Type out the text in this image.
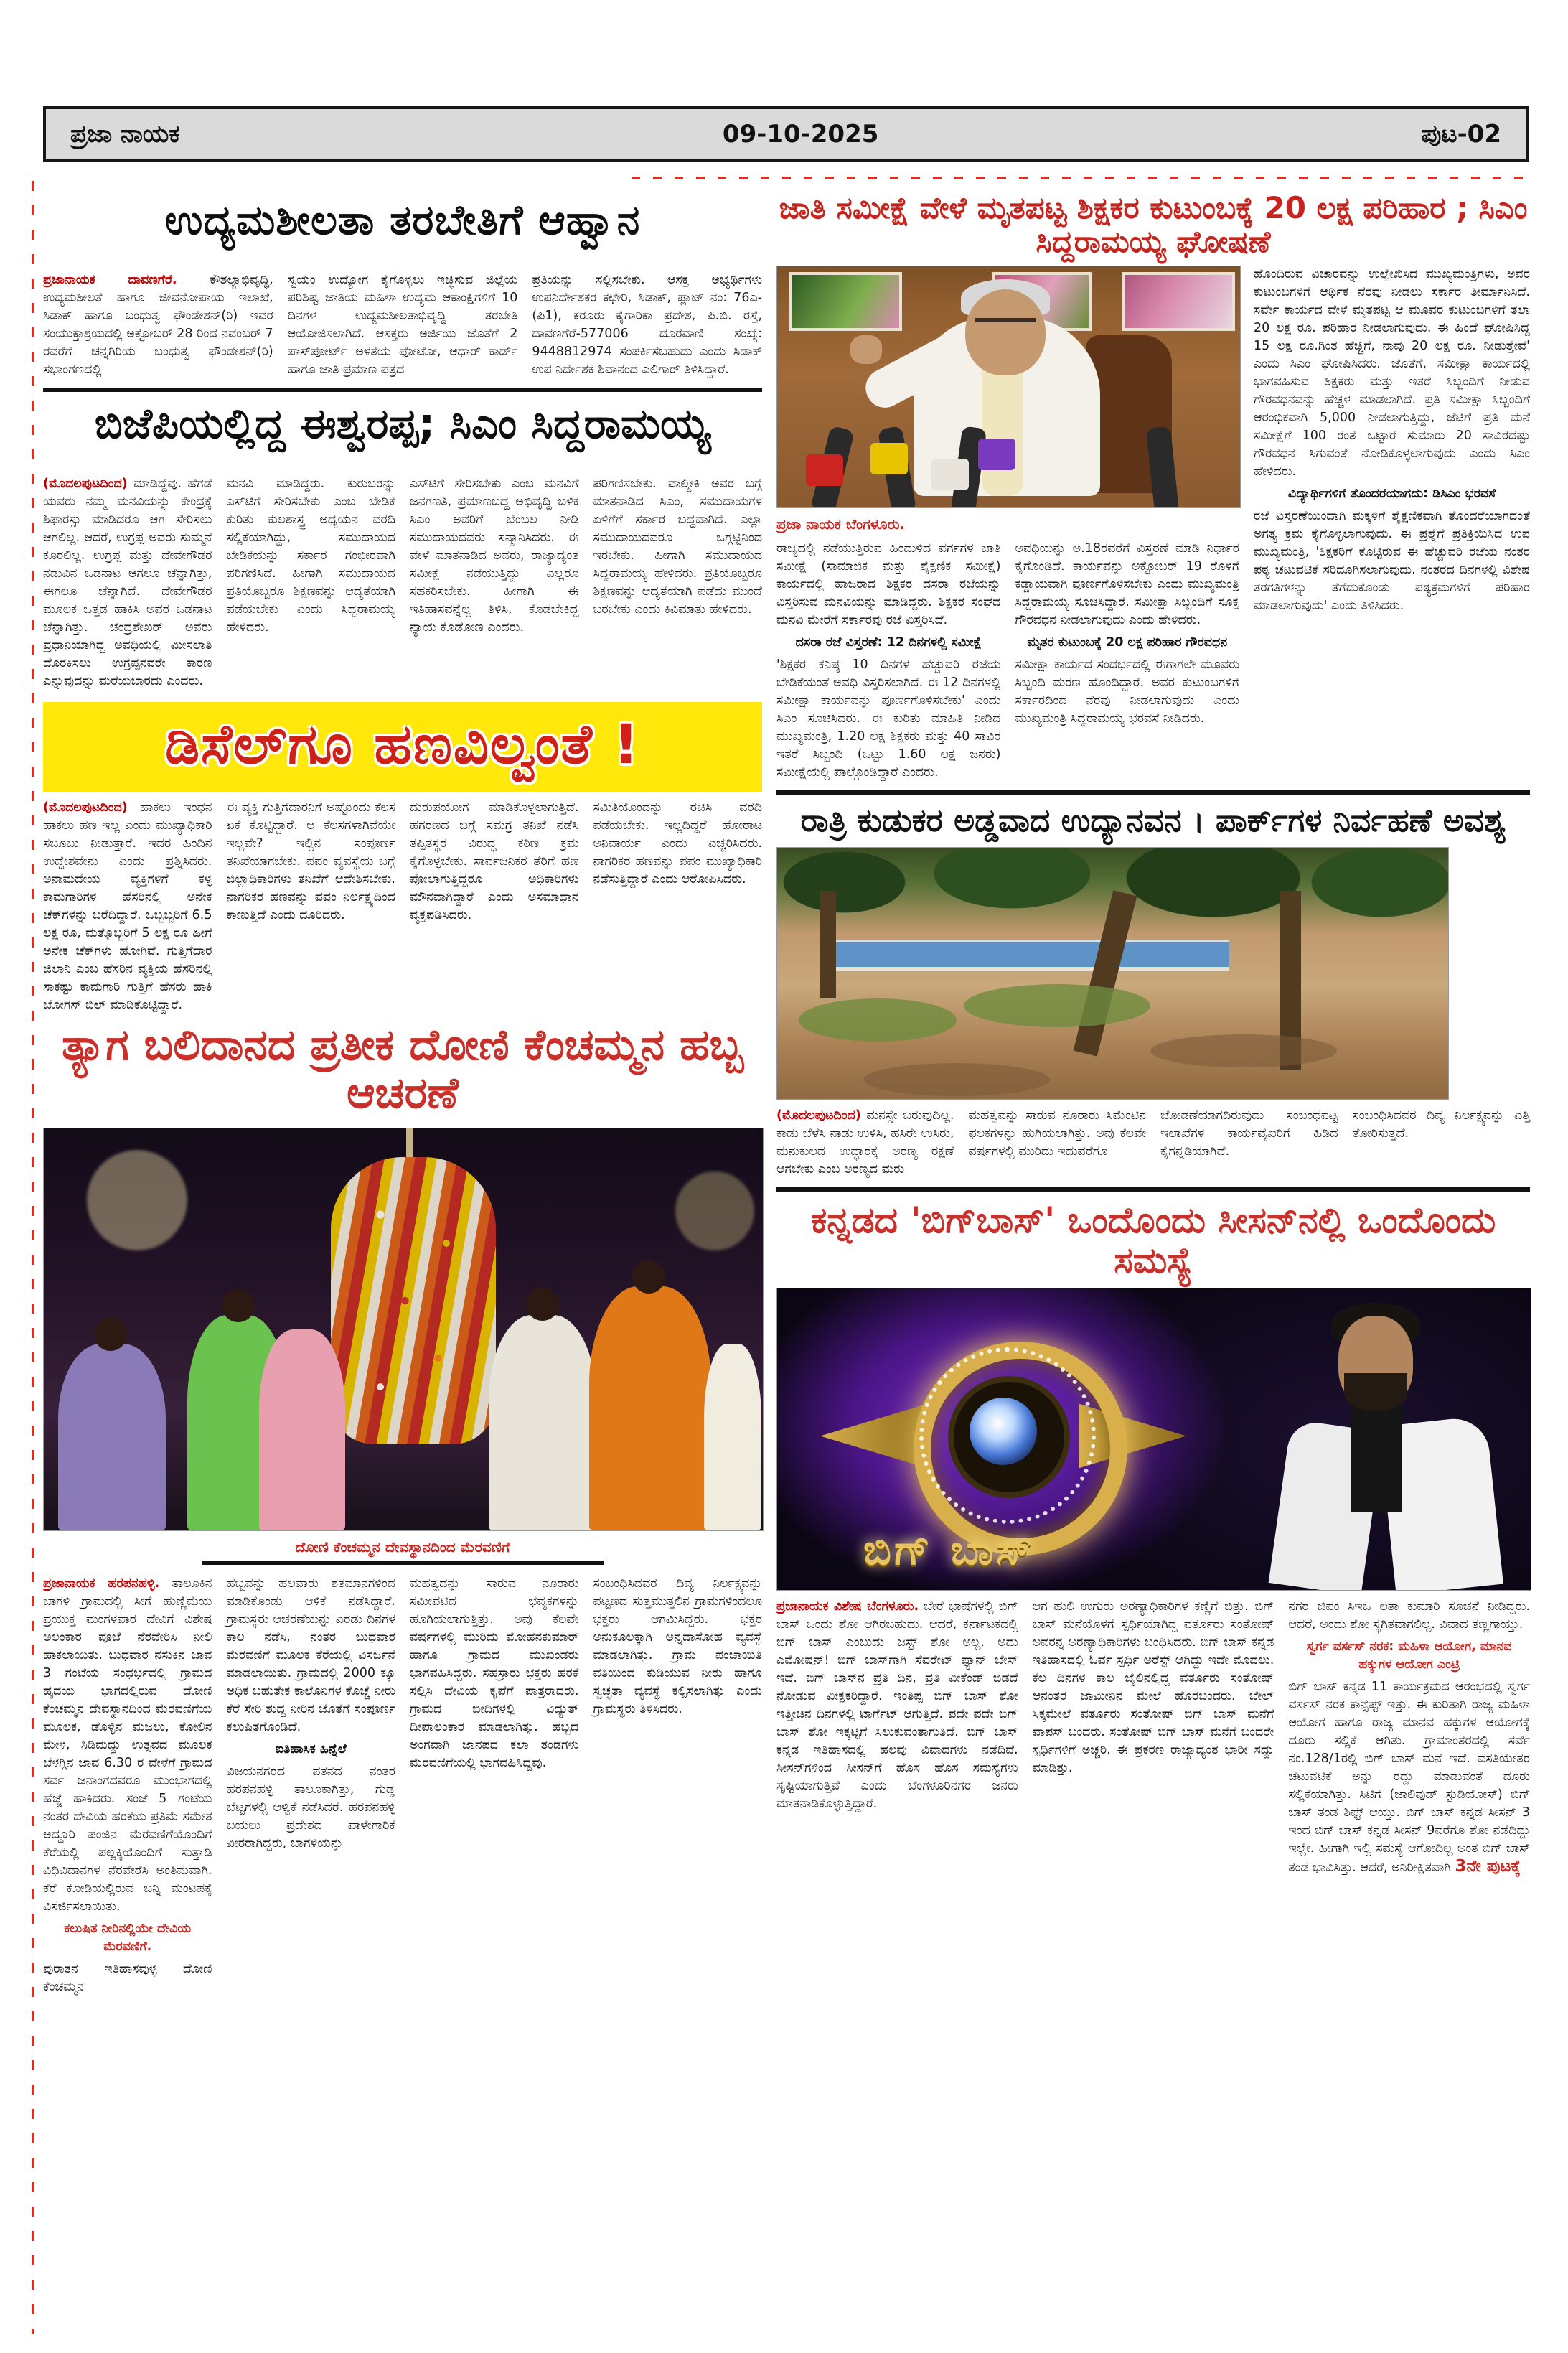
ಪ್ರಜಾ ನಾಯಕ	09-10-2025	ಪುಟ-02
ಉದ್ಯಮಶೀಲತಾ ತರಬೇತಿಗೆ ಆಹ್ವಾನ
ಪ್ರಜಾನಾಯಕ ದಾವಣಗೆರೆ.	ಕೌಶಲ್ಯಾಭಿವೃದ್ಧಿ, ಉದ್ಯಮಶೀಲತೆ ಹಾಗೂ ಜೀವನೋಪಾಯ ಇಲಾಖೆ, ಸಿಡಾಕ್ ಹಾಗೂ ಬಂಧುತ್ವ ಫೌಂಡೇಶನ್(ರಿ) ಇವರ ಸಂಯುಕ್ತಾಶ್ರಯದಲ್ಲಿ ಅಕ್ಟೋಬರ್ 28 ರಿಂದ ನವಂಬರ್ 7 ರವರೆಗೆ ಚನ್ನಗಿರಿಯ ಬಂಧುತ್ವ ಫೌಂಡೇಶನ್(ರಿ) ಸಭಾಂಗಣದಲ್ಲಿ
ಸ್ವಯಂ ಉದ್ಯೋಗ ಕೈಗೊಳ್ಳಲು ಇಚ್ಛಿಸುವ ಜಿಲ್ಲೆಯ ಪರಿಶಿಷ್ಟ ಜಾತಿಯ ಮಹಿಳಾ ಉದ್ಯಮ ಆಕಾಂಕ್ಷಿಗಳಿಗೆ 10 ದಿನಗಳ ಉದ್ಯಮಶೀಲತಾಭಿವೃದ್ಧಿ ತರಬೇತಿ ಆಯೋಜಿಸಲಾಗಿದೆ. ಆಸಕ್ತರು ಅರ್ಜಿಯ ಜೊತೆಗೆ 2 ಪಾಸ್‌ಪೋರ್ಟ್ ಅಳತೆಯ ಫೋಟೋ, ಆಧಾರ್ ಕಾರ್ಡ್ ಹಾಗೂ ಜಾತಿ ಪ್ರಮಾಣ ಪತ್ರದ
ಪ್ರತಿಯನ್ನು ಸಲ್ಲಿಸಬೇಕು. ಆಸಕ್ತ ಅಭ್ಯರ್ಥಿಗಳು ಉಪನಿರ್ದೇಶಕರ ಕಛೇರಿ, ಸಿಡಾಕ್, ಪ್ಲಾಟ್ ನಂ: 76ಎ-(ಪಿ1), ಕರೂರು ಕೈಗಾರಿಕಾ ಪ್ರದೇಶ, ಪಿ.ಬಿ. ರಸ್ತೆ, ದಾವಣಗೆರೆ-577006 ದೂರವಾಣಿ ಸಂಖ್ಯೆ: 9448812974 ಸಂಪರ್ಕಿಸಬಹುದು ಎಂದು ಸಿಡಾಕ್ ಉಪ ನಿರ್ದೇಶಕ ಶಿವಾನಂದ ಎಲಿಗಾರ್ ತಿಳಿಸಿದ್ದಾರೆ.
ಬಿಜೆಪಿಯಲ್ಲಿದ್ದ ಈಶ್ವರಪ್ಪ; ಸಿಎಂ ಸಿದ್ದರಾಮಯ್ಯ
(ಮೊದಲಪುಟದಿಂದ) ಮಾಡಿದ್ದೆವು. ಹೆಗಡೆ ಯವರು ನಮ್ಮ ಮನವಿಯನ್ನು ಕೇಂದ್ರಕ್ಕೆ ಶಿಫಾರಸ್ಸು ಮಾಡಿದರೂ ಆಗ ಸೇರಿಸಲು ಆಗಲಿಲ್ಲ. ಆದರೆ, ಉಗ್ರಪ್ಪ ಅವರು ಸುಮ್ಮನೆ ಕೂರಲಿಲ್ಲ. ಉಗ್ರಪ್ಪ ಮತ್ತು ದೇವೇಗೌಡರ ನಡುವಿನ ಒಡನಾಟ ಆಗಲೂ ಚೆನ್ನಾಗಿತ್ತು, ಈಗಲೂ ಚೆನ್ನಾಗಿದೆ. ದೇವೇಗೌಡರ ಮೂಲಕ ಒತ್ತಡ ಹಾಕಿಸಿ ಅವರ ಒಡನಾಟ ಚೆನ್ನಾಗಿತ್ತು. ಚಂದ್ರಶೇಖರ್ ಅವರು ಪ್ರಧಾನಿಯಾಗಿದ್ದ ಅವಧಿಯಲ್ಲಿ ಮೀಸಲಾತಿ ದೊರಕಿಸಲು ಉಗ್ರಪ್ಪನವರೇ ಕಾರಣ ಎನ್ನುವುದನ್ನು ಮರೆಯಬಾರದು ಎಂದರು.
ಮನವಿ ಮಾಡಿದ್ದರು. ಕುರುಬರನ್ನು ಎಸ್‌ಟಿಗೆ ಸೇರಿಸಬೇಕು ಎಂಬ ಬೇಡಿಕೆ ಕುರಿತು ಕುಲಶಾಸ್ತ್ರ ಅಧ್ಯಯನ ವರದಿ ಸಲ್ಲಿಕೆಯಾಗಿದ್ದು, ಸಮುದಾಯದ ಬೇಡಿಕೆಯನ್ನು ಸರ್ಕಾರ ಗಂಭೀರವಾಗಿ ಪರಿಗಣಿಸಿದೆ. ಹೀಗಾಗಿ ಸಮುದಾಯದ ಪ್ರತಿಯೊಬ್ಬರೂ ಶಿಕ್ಷಣವನ್ನು ಆದ್ಯತೆಯಾಗಿ ಪಡೆಯಬೇಕು ಎಂದು ಸಿದ್ದರಾಮಯ್ಯ ಹೇಳಿದರು.
ಎಸ್‌ಟಿಗೆ ಸೇರಿಸಬೇಕು ಎಂಬ ಮನವಿಗೆ ಜನಗಣತಿ, ಪ್ರಮಾಣಬದ್ಧ ಅಭಿವೃದ್ಧಿ ಬಳಿಕ ಸಿಎಂ ಅವರಿಗೆ ಬೆಂಬಲ ನೀಡಿ ಸಮುದಾಯದವರು ಸನ್ಮಾನಿಸಿದರು. ಈ ವೇಳೆ ಮಾತನಾಡಿದ ಅವರು, ರಾಜ್ಯಾದ್ಯಂತ ಸಮೀಕ್ಷೆ ನಡೆಯುತ್ತಿದ್ದು ಎಲ್ಲರೂ ಸಹಕರಿಸಬೇಕು. ಹೀಗಾಗಿ ಈ ಇತಿಹಾಸವನ್ನೆಲ್ಲ ತಿಳಿಸಿ, ಕೊಡಬೇಕಿದ್ದ ನ್ಯಾಯ ಕೊಡೋಣ ಎಂದರು.
ಪರಿಗಣಿಸಬೇಕು. ವಾಲ್ಮೀಕಿ ಅವರ ಬಗ್ಗೆ ಮಾತನಾಡಿದ ಸಿಎಂ, ಸಮುದಾಯಗಳ ಏಳಿಗೆಗೆ ಸರ್ಕಾರ ಬದ್ಧವಾಗಿದೆ. ಎಲ್ಲಾ ಸಮುದಾಯದವರೂ ಒಗ್ಗಟ್ಟಿನಿಂದ ಇರಬೇಕು. ಹೀಗಾಗಿ ಸಮುದಾಯದ ಸಿದ್ದರಾಮಯ್ಯ ಹೇಳಿದರು. ಪ್ರತಿಯೊಬ್ಬರೂ ಶಿಕ್ಷಣವನ್ನು ಆದ್ಯತೆಯಾಗಿ ಪಡೆದು ಮುಂದೆ ಬರಬೇಕು ಎಂದು ಕಿವಿಮಾತು ಹೇಳಿದರು.
ಡಿಸೆಲ್‌ಗೂ ಹಣವಿಲ್ವಂತೆ !
(ಮೊದಲಪುಟದಿಂದ) ಹಾಕಲು ಇಂಧನ ಹಾಕಲು ಹಣ ಇಲ್ಲ ಎಂದು ಮುಖ್ಯಾಧಿಕಾರಿ ಸಬೂಬು ನೀಡುತ್ತಾರೆ. ಇದರ ಹಿಂದಿನ ಉದ್ದೇಶವೇನು ಎಂದು ಪ್ರಶ್ನಿಸಿದರು. ಅನಾಮದೇಯ ವ್ಯಕ್ತಿಗಳಿಗೆ ಕಳ್ಳ ಕಾಮಗಾರಿಗಳ ಹೆಸರಿನಲ್ಲಿ ಅನೇಕ ಚೆಕ್‌ಗಳನ್ನು ಬರೆದಿದ್ದಾರೆ. ಒಬ್ಬಬ್ಬರಿಗೆ 6.5 ಲಕ್ಷ ರೂ, ಮತ್ತೊಬ್ಬರಿಗೆ 5 ಲಕ್ಷ ರೂ ಹೀಗೆ ಅನೇಕ ಚೆಕ್‌ಗಳು ಹೋಗಿವೆ. ಗುತ್ತಿಗೆದಾರ ಜಿಲಾನಿ ಎಂಬ ಹೆಸರಿನ ವ್ಯಕ್ತಿಯ ಹೆಸರಿನಲ್ಲಿ ಸಾಕಷ್ಟು ಕಾಮಗಾರಿ ಗುತ್ತಿಗೆ ಹೆಸರು ಹಾಕಿ ಬೋಗಸ್ ಬಿಲ್ ಮಾಡಿಕೊಟ್ಟಿದ್ದಾರೆ.
ಈ ವ್ಯಕ್ತಿ ಗುತ್ತಿಗೆದಾರನಿಗೆ ಅಷ್ಟೊಂದು ಕೆಲಸ ಏಕೆ ಕೊಟ್ಟಿದ್ದಾರೆ. ಆ ಕೆಲಸಗಳಾಗಿವೆಯೇ ಇಲ್ಲವೇ? ಇಲ್ಲಿನ ಸಂಪೂರ್ಣ ತನಿಖೆಯಾಗಬೇಕು. ಪಪಂ ವ್ಯವಸ್ಥೆಯ ಬಗ್ಗೆ ಜಿಲ್ಲಾಧಿಕಾರಿಗಳು ತನಿಖೆಗೆ ಆದೇಶಿಸಬೇಕು. ನಾಗರಿಕರ ಹಣವನ್ನು ಪಪಂ ನಿರ್ಲಕ್ಷ್ಯದಿಂದ ಕಾಣುತ್ತಿದೆ ಎಂದು ದೂರಿದರು.
ದುರುಪಯೋಗ ಮಾಡಿಕೊಳ್ಳಲಾಗುತ್ತಿದೆ. ಹಗರಣದ ಬಗ್ಗೆ ಸಮಗ್ರ ತನಿಖೆ ನಡೆಸಿ ತಪ್ಪಿತಸ್ಥರ ವಿರುದ್ಧ ಕಠಿಣ ಕ್ರಮ ಕೈಗೊಳ್ಳಬೇಕು. ಸಾರ್ವಜನಿಕರ ತೆರಿಗೆ ಹಣ ಪೋಲಾಗುತ್ತಿದ್ದರೂ ಅಧಿಕಾರಿಗಳು ಮೌನವಾಗಿದ್ದಾರೆ ಎಂದು ಅಸಮಾಧಾನ ವ್ಯಕ್ತಪಡಿಸಿದರು.
ಸಮಿತಿಯೊಂದನ್ನು ರಚಿಸಿ ವರದಿ ಪಡೆಯಬೇಕು. ಇಲ್ಲದಿದ್ದರೆ ಹೋರಾಟ ಅನಿವಾರ್ಯ ಎಂದು ಎಚ್ಚರಿಸಿದರು. ನಾಗರಿಕರ ಹಣವನ್ನು ಪಪಂ ಮುಖ್ಯಾಧಿಕಾರಿ ನಡೆಸುತ್ತಿದ್ದಾರೆ ಎಂದು ಆರೋಪಿಸಿದರು.
ತ್ಯಾಗ ಬಲಿದಾನದ ಪ್ರತೀಕ ದೋಣಿ ಕೆಂಚಮ್ಮನ ಹಬ್ಬ ಆಚರಣೆ
ದೋಣಿ ಕೆಂಚಮ್ಮನ ದೇವಸ್ಥಾನದಿಂದ ಮೆರವಣಿಗೆ
ಪ್ರಜಾನಾಯಕ ಹರಪನಹಳ್ಳಿ. ತಾಲೂಕಿನ ಬಾಗಳಿ ಗ್ರಾಮದಲ್ಲಿ ಸೀಗೆ ಹುಣ್ಣಿಮೆಯ ಪ್ರಯುಕ್ತ ಮಂಗಳವಾರ ದೇವಿಗೆ ವಿಶೇಷ ಅಲಂಕಾರ ಪೂಜೆ ನೆರವೇರಿಸಿ ನೀಲಿ ಹಾಕಲಾಯಿತು. ಬುಧವಾರ ನಸುಕಿನ ಜಾವ 3 ಗಂಟೆಯ ಸಂಧರ್ಭದಲ್ಲಿ ಗ್ರಾಮದ ಹೃದಯ ಭಾಗದಲ್ಲಿರುವ ದೋಣಿ ಕೆಂಚಮ್ಮನ ದೇವಸ್ಥಾನದಿಂದ ಮೆರವಣಿಗೆಯ ಮೂಲಕ, ಡೊಳ್ಳಿನ ಮಜಲು, ಕೋಲಿನ ಮೇಳ, ಸಿಡಿಮದ್ದು ಉತ್ಸವದ ಮೂಲಕ ಬೆಳಗ್ಗಿನ ಜಾವ 6.30 ರ ವೇಳೆಗೆ ಗ್ರಾಮದ ಸರ್ವ ಜನಾಂಗದವರೂ ಮುಂಭಾಗದಲ್ಲಿ ಹೆಜ್ಜೆ ಹಾಕಿದರು. ಸಂಜೆ 5 ಗಂಟೆಯ ನಂತರ ದೇವಿಯ ಹರಕೆಯ ಪ್ರತಿಮೆ ಸಮೇತ ಅದ್ದೂರಿ ಪಂಜಿನ ಮೆರವಣಿಗೆಯೊಂದಿಗೆ ಕೆರೆಯಲ್ಲಿ ಪಲ್ಲಕ್ಕಿಯೊಂದಿಗೆ ಸುತ್ತಾಡಿ ವಿಧಿವಿದಾನಗಳ ನೆರವೇರೆಸಿ ಅಂತಿಮವಾಗಿ. ಕೆರೆ ಕೋಡಿಯಲ್ಲಿರುವ ಬನ್ನಿ ಮಂಟಪಕ್ಕೆ ವಿಸರ್ಜಿಸಲಾಯಿತು.
ಕಲುಷಿತ ನೀರಿನಲ್ಲಿಯೇ ದೇವಿಯ ಮೆರವಣಿಗೆ.
ಪುರಾತನ ಇತಿಹಾಸವುಳ್ಳ ದೋಣಿ ಕೆಂಚಮ್ಮನ
ಹಬ್ಬವನ್ನು ಹಲವಾರು ಶತಮಾನಗಳಿಂದ ಮಾಡಿಕೊಂಡು ಆಳಿಕೆ ನಡೆಸಿದ್ದಾರೆ. ಗ್ರಾಮಸ್ಥರು ಆಚರಣೆಯನ್ನು ಎರಡು ದಿನಗಳ ಕಾಲ ನಡೆಸಿ, ನಂತರ ಬುಧವಾರ ಮೆರವಣಿಗೆ ಮೂಲಕ ಕೆರೆಯಲ್ಲಿ ವಿಸರ್ಜನೆ ಮಾಡಲಾಯಿತು. ಗ್ರಾಮದಲ್ಲಿ 2000 ಕ್ಕೂ ಅಧಿಕ ಬಹುತೇಕ ಕಾಲೊನಿಗಳ ಕೊಚ್ಚೆ ನೀರು ಕೆರೆ ಸೇರಿ ಶುದ್ದ ನೀರಿನ ಜೊತೆಗೆ ಸಂಪೂರ್ಣ ಕಲುಷಿತಗೊಂಡಿದೆ.
ಐತಿಹಾಸಿಕ ಹಿನ್ನೆಲೆ
ವಿಜಯನಗರದ ಪತನದ ನಂತರ ಹರಪನಹಳ್ಳಿ ತಾಲೂಕಾಗಿತ್ತು, ಗುಡ್ಡ ಬೆಟ್ಟಗಳಲ್ಲಿ ಆಳ್ವಿಕೆ ನಡೆಸಿದರೆ. ಹರಪನಹಳ್ಳಿ ಬಯಲು ಪ್ರದೇಶದ ಪಾಳೇಗಾರಿಕೆ ವೀರರಾಗಿದ್ದರು, ಬಾಗಳಿಯನ್ನು
ಮಹತ್ವದನ್ನು ಸಾರುವ ನೂರಾರು ಸಮೀಪಟಿದ ಭವ್ಯಕಗಳನ್ನು ಹೂಗಿಯಲಾಗುತ್ತಿತ್ತು. ಅವು ಕೆಲವೇ ವರ್ಷಗಳಲ್ಲಿ ಮುರಿದು ಮೋಹನಕುಮಾರ್ ಹಾಗೂ ಗ್ರಾಮದ ಮುಖಂಡರು ಭಾಗವಹಿಸಿದ್ದರು. ಸಹಸ್ರಾರು ಭಕ್ತರು ಹರಕೆ ಸಲ್ಲಿಸಿ ದೇವಿಯ ಕೃಪೆಗೆ ಪಾತ್ರರಾದರು. ಗ್ರಾಮದ ಬೀದಿಗಳಲ್ಲಿ ವಿದ್ಯುತ್ ದೀಪಾಲಂಕಾರ ಮಾಡಲಾಗಿತ್ತು. ಹಬ್ಬದ ಅಂಗವಾಗಿ ಜಾನಪದ ಕಲಾ ತಂಡಗಳು ಮೆರವಣಿಗೆಯಲ್ಲಿ ಭಾಗವಹಿಸಿದ್ದವು.
ಸಂಬಂಧಿಸಿದವರ ದಿವ್ಯ ನಿರ್ಲಕ್ಷ್ಯವನ್ನು ಪಟ್ಟಣದ ಸುತ್ತಮುತ್ತಲಿನ ಗ್ರಾಮಗಳಿಂದಲೂ ಭಕ್ತರು ಆಗಮಿಸಿದ್ದರು. ಭಕ್ತರ ಅನುಕೂಲಕ್ಕಾಗಿ ಅನ್ನದಾಸೋಹ ವ್ಯವಸ್ಥೆ ಮಾಡಲಾಗಿತ್ತು. ಗ್ರಾಮ ಪಂಚಾಯಿತಿ ವತಿಯಿಂದ ಕುಡಿಯುವ ನೀರು ಹಾಗೂ ಸ್ವಚ್ಛತಾ ವ್ಯವಸ್ಥೆ ಕಲ್ಪಿಸಲಾಗಿತ್ತು ಎಂದು ಗ್ರಾಮಸ್ಥರು ತಿಳಿಸಿದರು.
ಜಾತಿ ಸಮೀಕ್ಷೆ ವೇಳೆ ಮೃತಪಟ್ಟ ಶಿಕ್ಷಕರ ಕುಟುಂಬಕ್ಕೆ 20 ಲಕ್ಷ ಪರಿಹಾರ ; ಸಿಎಂ ಸಿದ್ದರಾಮಯ್ಯ ಘೋಷಣೆ
ಪ್ರಜಾ ನಾಯಕ ಬೆಂಗಳೂರು.
ರಾಜ್ಯದಲ್ಲಿ ನಡೆಯುತ್ತಿರುವ ಹಿಂದುಳಿದ ವರ್ಗಗಳ ಜಾತಿ ಸಮೀಕ್ಷೆ (ಸಾಮಾಜಿಕ ಮತ್ತು ಶೈಕ್ಷಣಿಕ ಸಮೀಕ್ಷೆ) ಕಾರ್ಯದಲ್ಲಿ ಹಾಜರಾದ ಶಿಕ್ಷಕರ ದಸರಾ ರಜೆಯನ್ನು ವಿಸ್ತರಿಸುವ ಮನವಿಯನ್ನು ಮಾಡಿದ್ದರು. ಶಿಕ್ಷಕರ ಸಂಘದ ಮನವಿ ಮೇರೆಗೆ ಸರ್ಕಾರವು ರಜೆ ವಿಸ್ತರಿಸಿದೆ.
ದಸರಾ ರಜೆ ವಿಸ್ತರಣೆ: 12 ದಿನಗಳಲ್ಲಿ ಸಮೀಕ್ಷೆ
'ಶಿಕ್ಷಕರ ಕನಿಷ್ಠ 10 ದಿನಗಳ ಹೆಚ್ಚುವರಿ ರಜೆಯ ಬೇಡಿಕೆಯಂತೆ ಅವಧಿ ವಿಸ್ತರಿಸಲಾಗಿದೆ. ಈ 12 ದಿನಗಳಲ್ಲಿ ಸಮೀಕ್ಷಾ ಕಾರ್ಯವನ್ನು ಪೂರ್ಣಗೊಳಿಸಬೇಕು' ಎಂದು ಸಿಎಂ ಸೂಚಿಸಿದರು. ಈ ಕುರಿತು ಮಾಹಿತಿ ನೀಡಿದ ಮುಖ್ಯಮಂತ್ರಿ, 1.20 ಲಕ್ಷ ಶಿಕ್ಷಕರು ಮತ್ತು 40 ಸಾವಿರ ಇತರೆ ಸಿಬ್ಬಂದಿ (ಒಟ್ಟು 1.60 ಲಕ್ಷ ಜನರು) ಸಮೀಕ್ಷೆಯಲ್ಲಿ ಪಾಲ್ಗೊಂಡಿದ್ದಾರೆ ಎಂದರು.
ಅವಧಿಯನ್ನು ಅ.18ರವರೆಗೆ ವಿಸ್ತರಣೆ ಮಾಡಿ ನಿರ್ಧಾರ ಕೈಗೊಂಡಿದೆ. ಕಾರ್ಯವನ್ನು ಅಕ್ಟೋಬರ್ 19 ರೊಳಗೆ ಕಡ್ಡಾಯವಾಗಿ ಪೂರ್ಣಗೊಳಿಸಬೇಕು ಎಂದು ಮುಖ್ಯಮಂತ್ರಿ ಸಿದ್ದರಾಮಯ್ಯ ಸೂಚಿಸಿದ್ದಾರೆ. ಸಮೀಕ್ಷಾ ಸಿಬ್ಬಂದಿಗೆ ಸೂಕ್ತ ಗೌರವಧನ ನೀಡಲಾಗುವುದು ಎಂದು ಹೇಳಿದರು.
ಮೃತರ ಕುಟುಂಬಕ್ಕೆ 20 ಲಕ್ಷ ಪರಿಹಾರ ಗೌರವಧನ
ಸಮೀಕ್ಷಾ ಕಾರ್ಯದ ಸಂದರ್ಭದಲ್ಲಿ ಈಗಾಗಲೇ ಮೂವರು ಸಿಬ್ಬಂದಿ ಮರಣ ಹೊಂದಿದ್ದಾರೆ. ಅವರ ಕುಟುಂಬಗಳಿಗೆ ಸರ್ಕಾರದಿಂದ ನೆರವು ನೀಡಲಾಗುವುದು ಎಂದು ಮುಖ್ಯಮಂತ್ರಿ ಸಿದ್ದರಾಮಯ್ಯ ಭರವಸೆ ನೀಡಿದರು.
ಹೊಂದಿರುವ ವಿಚಾರವನ್ನು ಉಲ್ಲೇಖಿಸಿದ ಮುಖ್ಯಮಂತ್ರಿಗಳು, ಅವರ ಕುಟುಂಬಗಳಿಗೆ ಆರ್ಥಿಕ ನೆರವು ನೀಡಲು ಸರ್ಕಾರ ತೀರ್ಮಾನಿಸಿದೆ. ಸರ್ವೇ ಕಾರ್ಯದ ವೇಳೆ ಮೃತಪಟ್ಟ ಆ ಮೂವರ ಕುಟುಂಬಗಳಿಗೆ ತಲಾ 20 ಲಕ್ಷ ರೂ. ಪರಿಹಾರ ನೀಡಲಾಗುವುದು. ಈ ಹಿಂದೆ ಘೋಷಿಸಿದ್ದ 15 ಲಕ್ಷ ರೂ.ಗಿಂತ ಹೆಚ್ಚಿಗೆ, ನಾವು 20 ಲಕ್ಷ ರೂ. ನೀಡುತ್ತೇವೆ' ಎಂದು ಸಿಎಂ ಘೋಷಿಸಿದರು. ಜೊತೆಗೆ, ಸಮೀಕ್ಷಾ ಕಾರ್ಯದಲ್ಲಿ ಭಾಗವಹಿಸುವ ಶಿಕ್ಷಕರು ಮತ್ತು ಇತರೆ ಸಿಬ್ಬಂದಿಗೆ ನೀಡುವ ಗೌರವಧನವನ್ನು ಹೆಚ್ಚಳ ಮಾಡಲಾಗಿದೆ. ಪ್ರತಿ ಸಮೀಕ್ಷಾ ಸಿಬ್ಬಂದಿಗೆ ಆರಂಭಿಕವಾಗಿ 5,000 ನೀಡಲಾಗುತ್ತಿದ್ದು, ಜೆಟಿಗೆ ಪ್ರತಿ ಮನೆ ಸಮೀಕ್ಷೆಗೆ 100 ರಂತೆ ಒಟ್ಟಾರೆ ಸುಮಾರು 20 ಸಾವಿರದಷ್ಟು ಗೌರವಧನ ಸಿಗುವಂತೆ ನೋಡಿಕೊಳ್ಳಲಾಗುವುದು ಎಂದು ಸಿಎಂ ಹೇಳಿದರು.
ವಿದ್ಯಾರ್ಥಿಗಳಿಗೆ ತೊಂದರೆಯಾಗದು: ಡಿಸಿಎಂ ಭರವಸೆ
ರಜೆ ವಿಸ್ತರಣೆಯಿಂದಾಗಿ ಮಕ್ಕಳಿಗೆ ಶೈಕ್ಷಣಿಕವಾಗಿ ತೊಂದರೆಯಾಗದಂತೆ ಅಗತ್ಯ ಕ್ರಮ ಕೈಗೊಳ್ಳಲಾಗುವುದು. ಈ ಪ್ರಶ್ನೆಗೆ ಪ್ರತಿಕ್ರಿಯಿಸಿದ ಉಪ ಮುಖ್ಯಮಂತ್ರಿ, 'ಶಿಕ್ಷಕರಿಗೆ ಕೊಟ್ಟಿರುವ ಈ ಹೆಚ್ಚುವರಿ ರಜೆಯ ನಂತರ ಪಠ್ಯ ಚಟುವಟಿಕೆ ಸರಿದೂಗಿಸಲಾಗುವುದು. ನಂತರದ ದಿನಗಳಲ್ಲಿ ವಿಶೇಷ ತರಗತಿಗಳನ್ನು ತೆಗೆದುಕೊಂಡು ಪಠ್ಯಕ್ರಮಗಳಿಗೆ ಪರಿಹಾರ ಮಾಡಲಾಗುವುದು' ಎಂದು ತಿಳಿಸಿದರು.
ರಾತ್ರಿ ಕುಡುಕರ ಅಡ್ಡವಾದ ಉದ್ಯಾನವನ । ಪಾರ್ಕ್‌ಗಳ ನಿರ್ವಹಣೆ ಅವಶ್ಯ
(ಮೊದಲಪುಟದಿಂದ) ಮನಸ್ಸೇ ಬರುವುದಿಲ್ಲ. ಕಾಡು ಬೆಳೆಸಿ ನಾಡು ಉಳಿಸಿ, ಹಸಿರೇ ಉಸಿರು, ಮನುಕುಲದ ಉದ್ಧಾರಕ್ಕೆ ಅರಣ್ಯ ರಕ್ಷಣೆ ಆಗಬೇಕು ಎಂಬ ಅರಣ್ಯದ ಮರು
ಮಹತ್ವವನ್ನು ಸಾರುವ ನೂರಾರು ಸಿಮೆಂಟಿನ ಫಲಕಗಳನ್ನು ಹುಗಿಯಲಾಗಿತ್ತು. ಅವು ಕೆಲವೇ ವರ್ಷಗಳಲ್ಲಿ ಮುರಿದು ಇದುವರೆಗೂ
ಜೋಡಣೆಯಾಗದಿರುವುದು ಸಂಬಂಧಪಟ್ಟ ಇಲಾಖೆಗಳ ಕಾರ್ಯವೈಖರಿಗೆ ಹಿಡಿದ ಕೈಗನ್ನಡಿಯಾಗಿದೆ.
ಸಂಬಂಧಿಸಿದವರ ದಿವ್ಯ ನಿರ್ಲಕ್ಷ್ಯವನ್ನು ಎತ್ತಿ ತೋರಿಸುತ್ತದೆ.
ಕನ್ನಡದ 'ಬಿಗ್‌ಬಾಸ್' ಒಂದೊಂದು ಸೀಸನ್‌ನಲ್ಲಿ ಒಂದೊಂದು ಸಮಸ್ಯೆ
ಬಿಗ್ ಬಾಸ್
ಪ್ರಜಾನಾಯಕ ವಿಶೇಷ ಬೆಂಗಳೂರು. ಬೇರೆ ಭಾಷೆಗಳಲ್ಲಿ ಬಿಗ್ ಬಾಸ್ ಒಂದು ಶೋ ಆಗಿರಬಹುದು. ಆದರೆ, ಕರ್ನಾಟಕದಲ್ಲಿ ಬಿಗ್ ಬಾಸ್ ಎಂಬುದು ಜಸ್ಟ್ ಶೋ ಅಲ್ಲ. ಅದು ಎಮೋಷನ್! ಬಿಗ್ ಬಾಸ್‌ಗಾಗಿ ಸೆಪರೇಟ್ ಫ್ಯಾನ್ ಬೇಸ್ ಇದೆ. ಬಿಗ್ ಬಾಸ್‌ನ ಪ್ರತಿ ದಿನ, ಪ್ರತಿ ವೀಕೆಂಡ್ ಬಿಡದೆ ನೋಡುವ ವೀಕ್ಷಕರಿದ್ದಾರೆ. ಇಂತಿಪ್ಪ ಬಿಗ್ ಬಾಸ್ ಶೋ ಇತ್ತೀಚಿನ ದಿನಗಳಲ್ಲಿ ಟಾರ್ಗೆಟ್ ಆಗುತ್ತಿದೆ. ಪದೇ ಪದೇ ಬಿಗ್ ಬಾಸ್ ಶೋ ಇಕ್ಕಟ್ಟಿಗೆ ಸಿಲುಕುವಂತಾಗುತಿದೆ. ಬಿಗ್ ಬಾಸ್ ಕನ್ನಡ ಇತಿಹಾಸದಲ್ಲಿ ಹಲವು ವಿವಾದಗಳು ನಡೆದಿವೆ. ಸೀಸನ್‌ಗಳಿಂದ ಸೀಸನ್‌ಗೆ ಹೊಸ ಹೊಸ ಸಮಸ್ಯೆಗಳು ಸೃಷ್ಟಿಯಾಗುತ್ತಿವೆ ಎಂದು ಬೆಂಗಳೂರಿನಗರ ಜನರು ಮಾತನಾಡಿಕೊಳ್ಳುತ್ತಿದ್ದಾರೆ.
ಆಗ ಹುಲಿ ಉಗುರು ಅರಣ್ಯಾಧಿಕಾರಿಗಳ ಕಣ್ಣಿಗೆ ಬಿತ್ತು. ಬಿಗ್ ಬಾಸ್ ಮನೆಯೊಳಗೆ ಸ್ಪರ್ಧಿಯಾಗಿದ್ದ ವರ್ತೂರು ಸಂತೋಷ್ ಅವರನ್ನ ಅರಣ್ಯಾಧಿಕಾರಿಗಳು ಬಂಧಿಸಿದರು. ಬಿಗ್ ಬಾಸ್ ಕನ್ನಡ ಇತಿಹಾಸದಲ್ಲಿ ಓರ್ವ ಸ್ಪರ್ಧಿ ಅರೆಸ್ಟ್ ಆಗಿದ್ದು ಇದೇ ಮೊದಲು. ಕೆಲ ದಿನಗಳ ಕಾಲ ಜೈಲಿನಲ್ಲಿದ್ದ ವರ್ತೂರು ಸಂತೋಷ್ ಆನಂತರ ಜಾಮೀನಿನ ಮೇಲೆ ಹೊರಬಂದರು. ಬೇಲ್ ಸಿಕ್ಕಮೇಲೆ ವರ್ತೂರು ಸಂತೋಷ್ ಬಿಗ್ ಬಾಸ್ ಮನೆಗೆ ವಾಪಸ್ ಬಂದರು. ಸಂತೋಷ್ ಬಿಗ್ ಬಾಸ್ ಮನೆಗೆ ಬಂದರೇ ಸ್ಪರ್ಧಿಗಳಿಗೆ ಅಚ್ಚರಿ. ಈ ಪ್ರಕರಣ ರಾಜ್ಯಾದ್ಯಂತ ಭಾರೀ ಸದ್ದು ಮಾಡಿತ್ತು.
ನಗರ ಜಿಪಂ ಸಿಇಒ ಲತಾ ಕುಮಾರಿ ಸೂಚನೆ ನೀಡಿದ್ದರು. ಆದರೆ, ಅಂದು ಶೋ ಸ್ಥಗಿತವಾಗಲಿಲ್ಲ. ವಿವಾದ ತಣ್ಣಗಾಯ್ತು.
ಸ್ವರ್ಗ ವರ್ಸಸ್ ನರಕ: ಮಹಿಳಾ ಆಯೋಗ, ಮಾನವ ಹಕ್ಕುಗಳ ಆಯೋಗ ಎಂಟ್ರಿ
ಬಿಗ್ ಬಾಸ್ ಕನ್ನಡ 11 ಕಾರ್ಯಕ್ರಮದ ಆರಂಭದಲ್ಲಿ ಸ್ವರ್ಗ ವರ್ಸಸ್ ನರಕ ಕಾನ್ಸೆಪ್ಟ್ ಇತ್ತು. ಈ ಕುರಿತಾಗಿ ರಾಜ್ಯ ಮಹಿಳಾ ಆಯೋಗ ಹಾಗೂ ರಾಜ್ಯ ಮಾನವ ಹಕ್ಕುಗಳ ಆಯೋಗಕ್ಕೆ ದೂರು ಸಲ್ಲಿಕೆ ಆಗಿತು. ಗ್ರಾಮಾಂತರದಲ್ಲಿ ಸರ್ವೆ ನಂ.128/1ರಲ್ಲಿ ಬಿಗ್ ಬಾಸ್ ಮನೆ ಇದೆ. ವಸತಿಯೇತರ ಚಟುವಟಿಕೆ ಅನ್ನು ರದ್ದು ಮಾಡುವಂತೆ ದೂರು ಸಲ್ಲಿಕೆಯಾಗಿತ್ತು. ಸಿಟಿಗೆ (ಜಾಲಿವುಡ್ ಸ್ಟುಡಿಯೋಸ್) ಬಿಗ್ ಬಾಸ್ ತಂಡ ಶಿಫ್ಟ್ ಆಯ್ತು. ಬಿಗ್ ಬಾಸ್ ಕನ್ನಡ ಸೀಸನ್ 3 ಇಂದ ಬಿಗ್ ಬಾಸ್ ಕನ್ನಡ ಸೀಸನ್ 9ವರೆಗೂ ಶೋ ನಡೆದಿದ್ದು ಇಲ್ಲೇ. ಹೀಗಾಗಿ ಇಲ್ಲಿ ಸಮಸ್ಯೆ ಆಗೋದಿಲ್ಲ ಅಂತ ಬಿಗ್ ಬಾಸ್ ತಂಡ ಭಾವಿಸಿತ್ತು. ಆದರೆ, ಅನಿರೀಕ್ಷಿತವಾಗಿ 3ನೇ ಪುಟಕ್ಕೆ
